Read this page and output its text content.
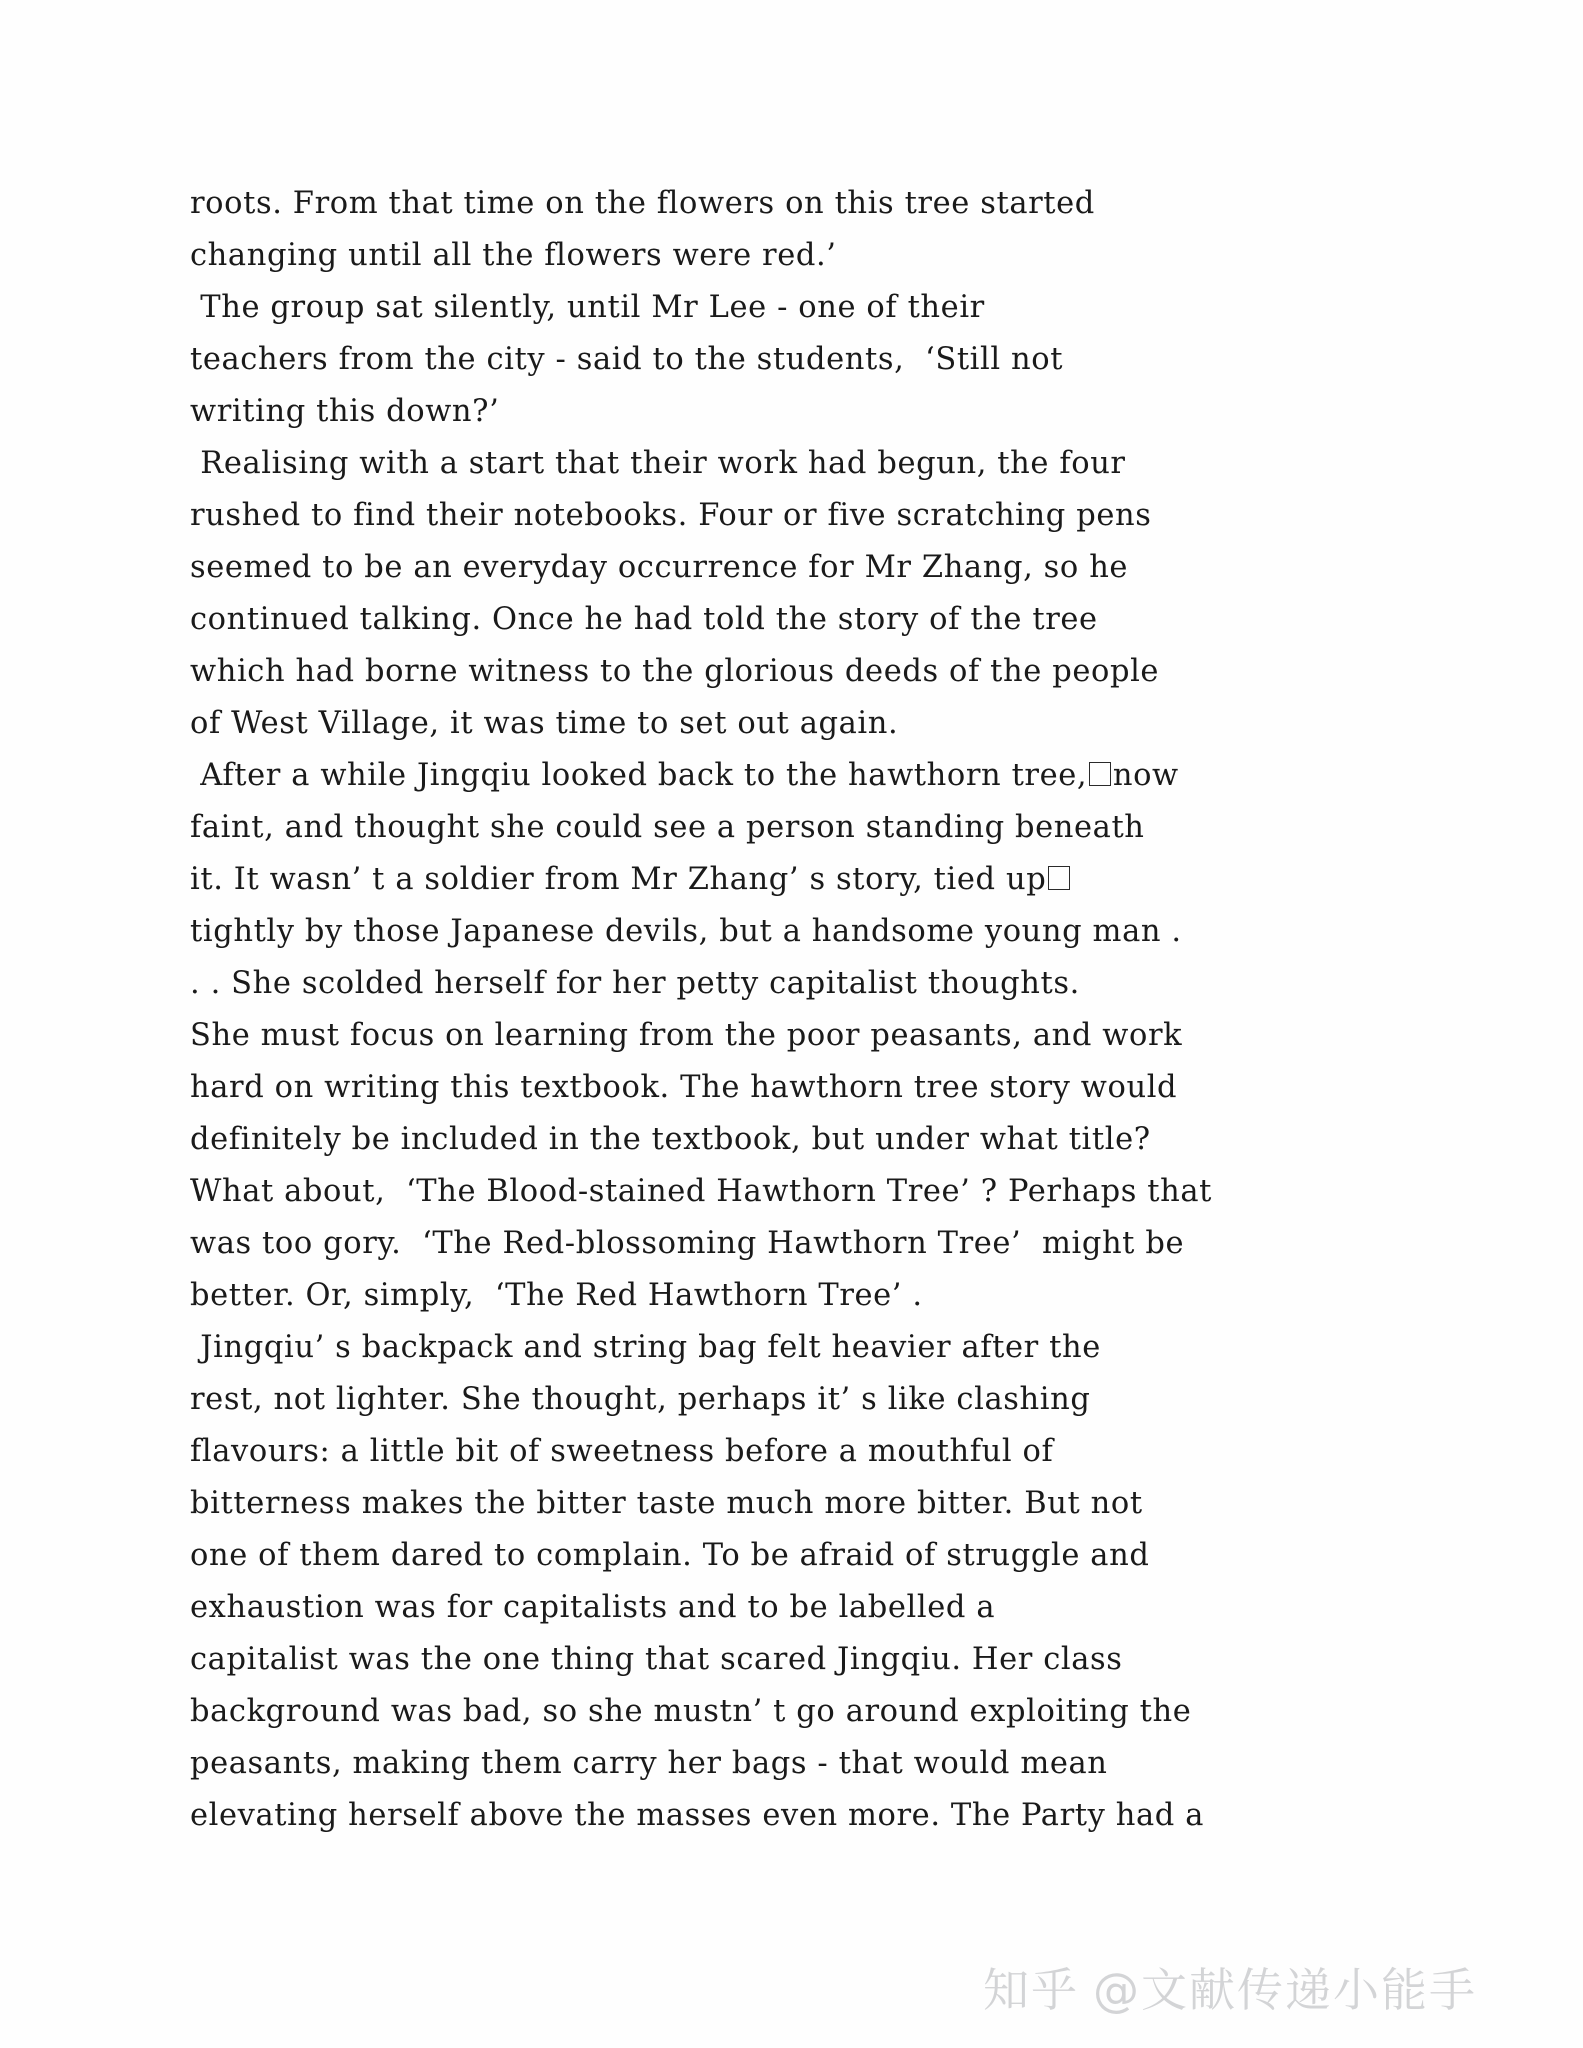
roots. From that time on the flowers on this tree started
changing until all the flowers were red.’

The group sat silently, until Mr Lee - one of their
teachers from the city - said to the students,  ‘Still not
writing this down?’

Realising with a start that their work had begun, the four
rushed to find their notebooks. Four or five scratching pens
seemed to be an everyday occurrence for Mr Zhang, so he
continued talking. Once he had told the story of the tree
which had borne witness to the glorious deeds of the people
of West Village, it was time to set out again.

After a while Jingqiu looked back to the hawthorn tree, now
faint, and thought she could see a person standing beneath
it. It wasn’ t a soldier from Mr Zhang’ s story, tied up
tightly by those Japanese devils, but a handsome young man .
. . She scolded herself for her petty capitalist thoughts.
She must focus on learning from the poor peasants, and work
hard on writing this textbook. The hawthorn tree story would
definitely be included in the textbook, but under what title?
What about,  ‘The Blood-stained Hawthorn Tree’ ? Perhaps that
was too gory.  ‘The Red-blossoming Hawthorn Tree’  might be
better. Or, simply,  ‘The Red Hawthorn Tree’ .

Jingqiu’ s backpack and string bag felt heavier after the
rest, not lighter. She thought, perhaps it’ s like clashing
flavours: a little bit of sweetness before a mouthful of
bitterness makes the bitter taste much more bitter. But not
one of them dared to complain. To be afraid of struggle and
exhaustion was for capitalists and to be labelled a
capitalist was the one thing that scared Jingqiu. Her class
background was bad, so she mustn’ t go around exploiting the
peasants, making them carry her bags - that would mean
elevating herself above the masses even more. The Party had a

知乎 @文献传递小能手
